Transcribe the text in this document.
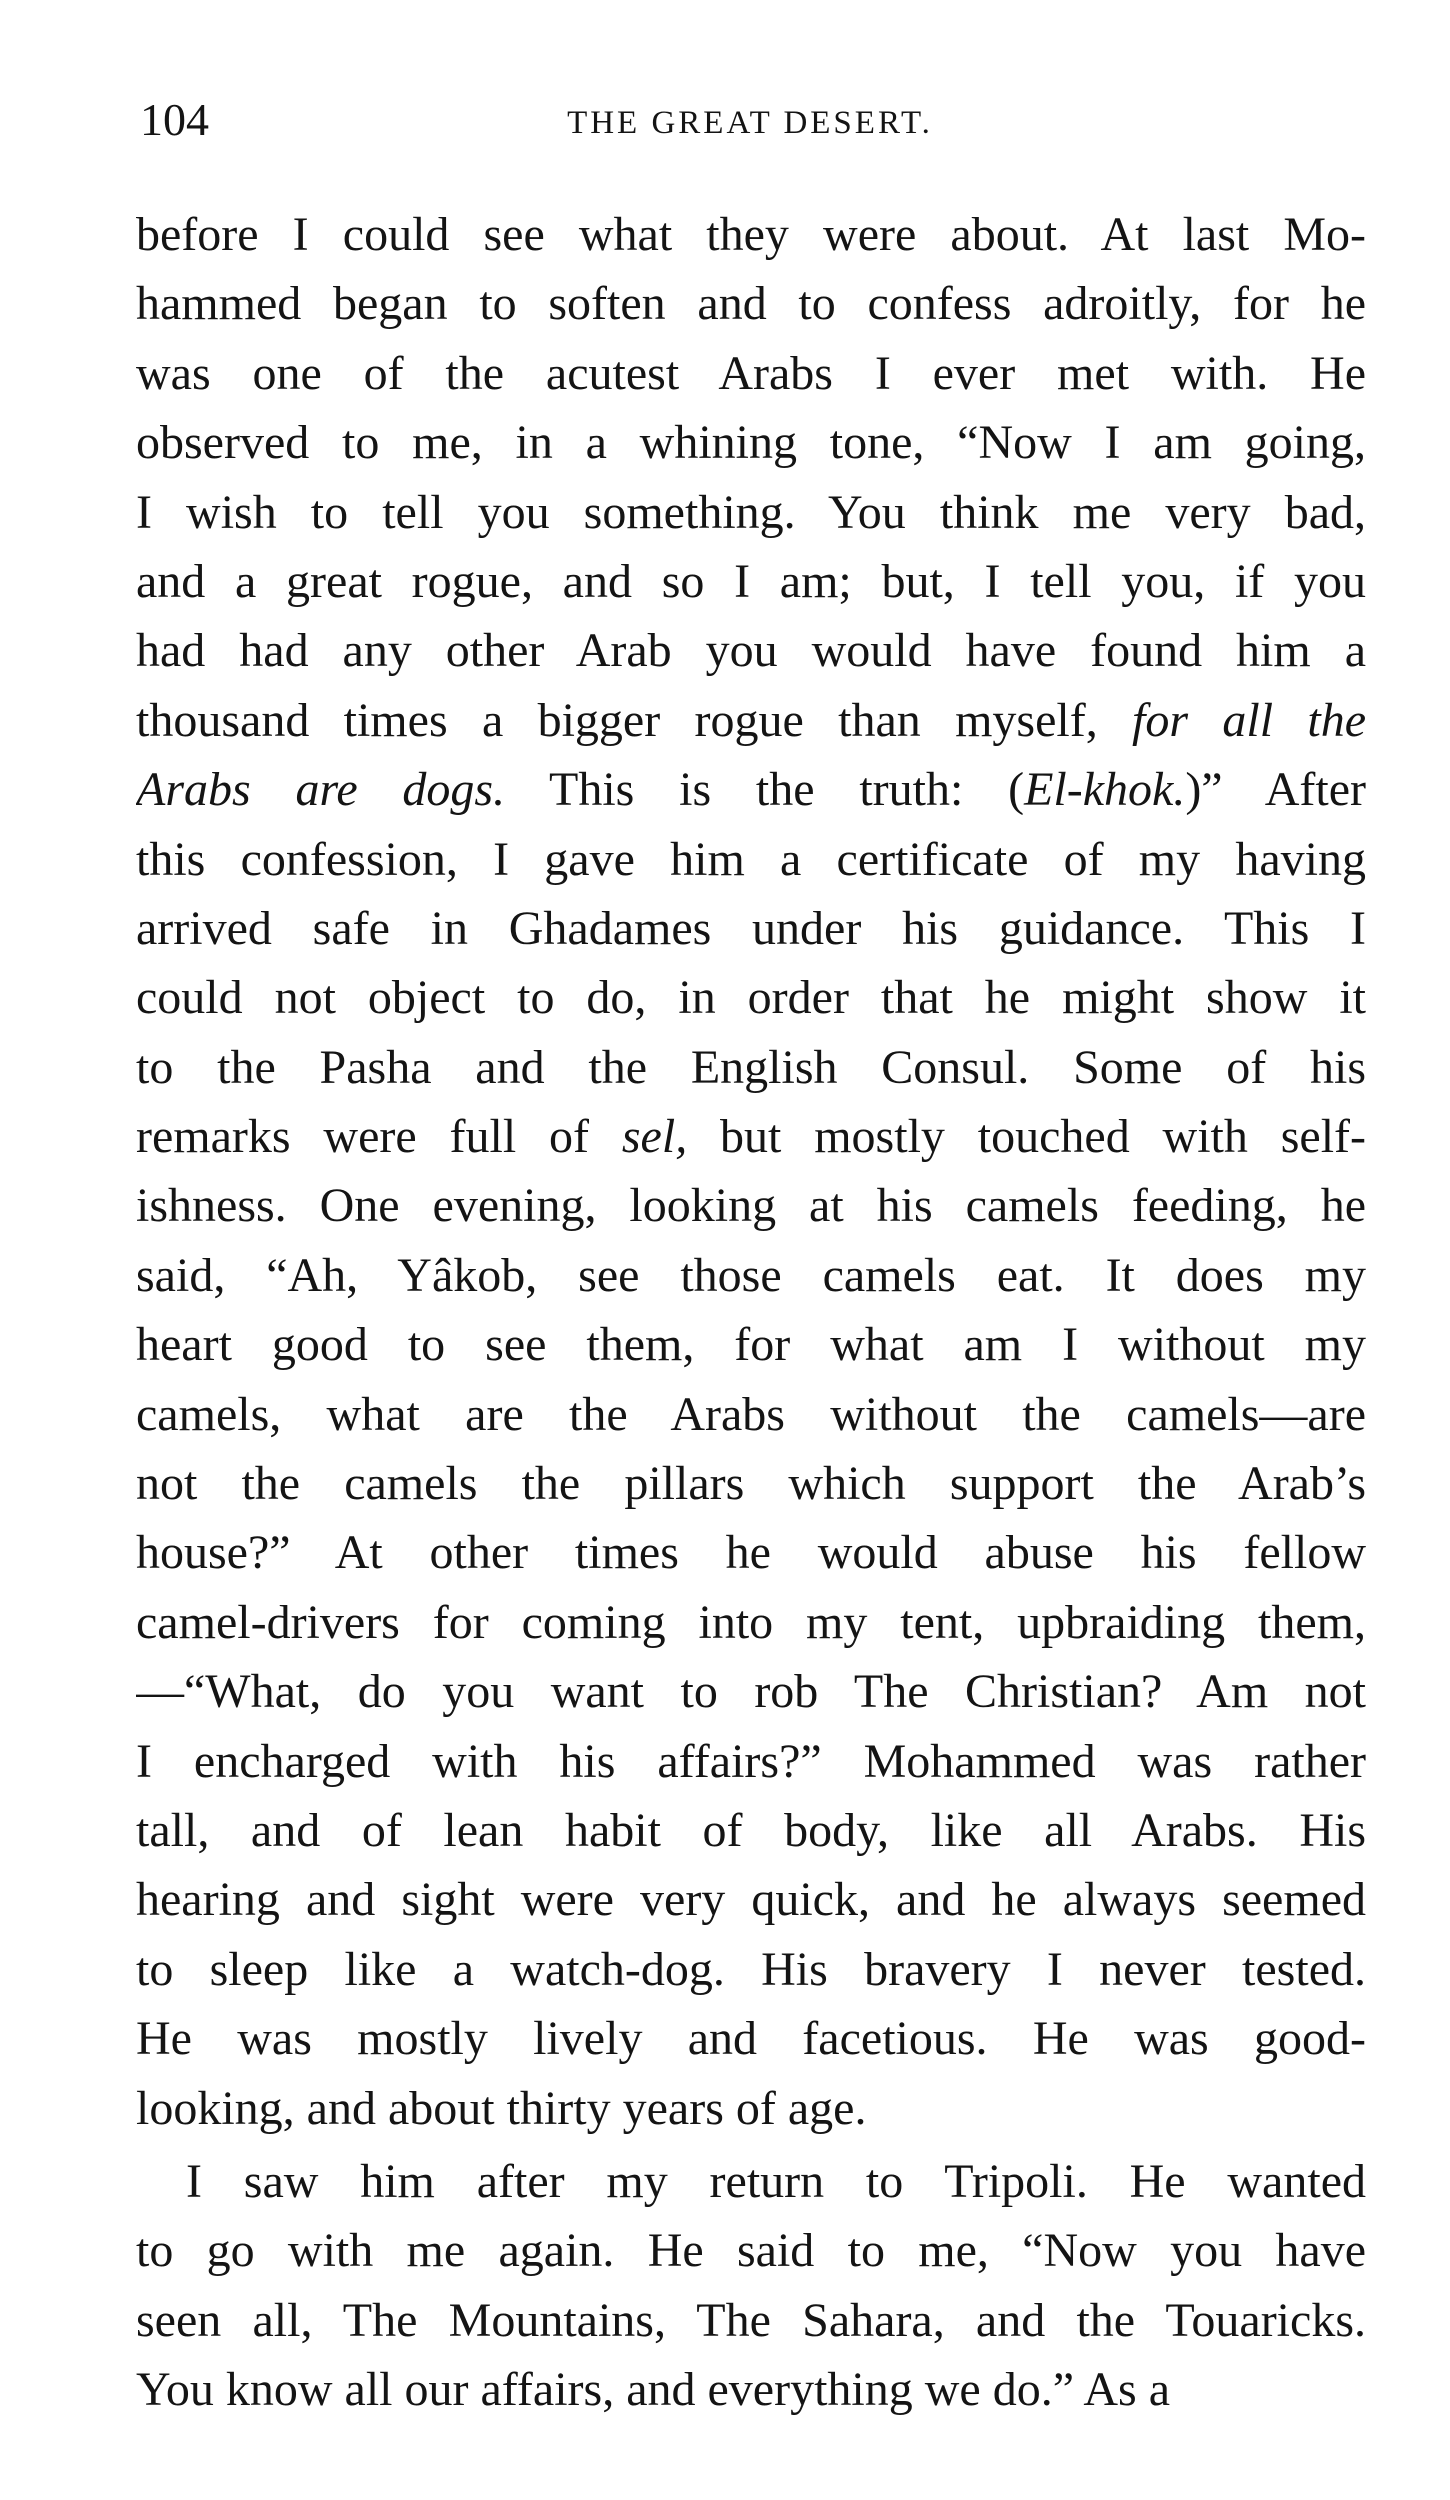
104	THE GREAT DESERT.
before I could see what they were about. At last Mo-
hammed began to soften and to confess adroitly, for he
was one of the acutest Arabs I ever met with. He
observed to me, in a whining tone, “Now I am going,
I wish to tell you something. You think me very bad,
and a great rogue, and so I am; but, I tell you, if you
had had any other Arab you would have found him a
thousand times a bigger rogue than myself, for all the
Arabs are dogs. This is the truth: (El-khok.)” After
this confession, I gave him a certificate of my having
arrived safe in Ghadames under his guidance. This I
could not object to do, in order that he might show it
to the Pasha and the English Consul. Some of his
remarks were full of sel, but mostly touched with self-
ishness. One evening, looking at his camels feeding, he
said, “Ah, Yâkob, see those camels eat. It does my
heart good to see them, for what am I without my
camels, what are the Arabs without the camels—are
not the camels the pillars which support the Arab’s
house?” At other times he would abuse his fellow
camel-drivers for coming into my tent, upbraiding them,
—“What, do you want to rob The Christian? Am not
I encharged with his affairs?” Mohammed was rather
tall, and of lean habit of body, like all Arabs. His
hearing and sight were very quick, and he always seemed
to sleep like a watch-dog. His bravery I never tested.
He was mostly lively and facetious. He was good-
looking, and about thirty years of age.
I saw him after my return to Tripoli. He wanted
to go with me again. He said to me, “Now you have
seen all, The Mountains, The Sahara, and the Touaricks.
You know all our affairs, and everything we do.” As a
